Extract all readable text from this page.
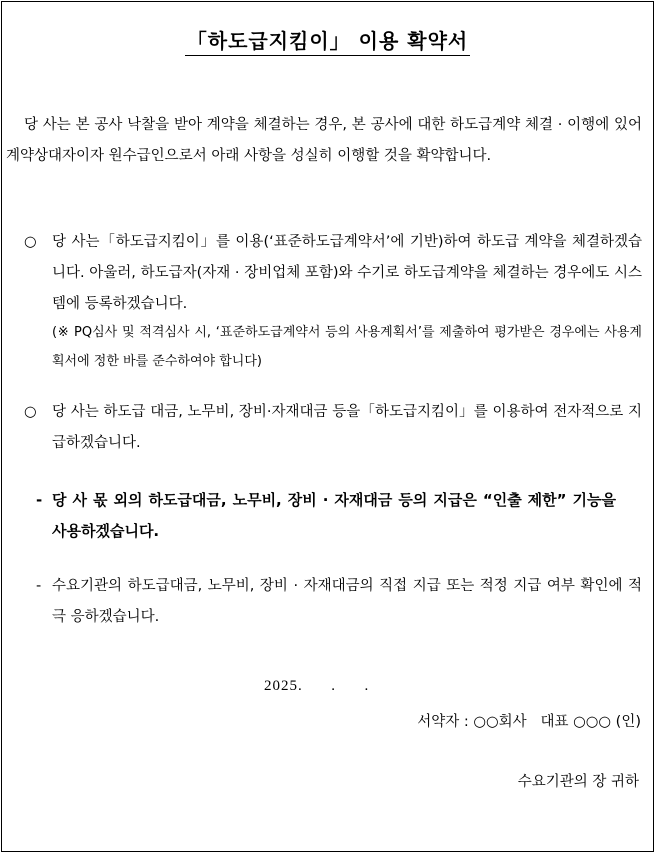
「하도급지킴이」 이용 확약서
당 사는 본 공사 낙찰을 받아 계약을 체결하는 경우, 본 공사에 대한 하도급계약 체결 · 이행에 있어 계약상대자이자 원수급인으로서 아래 사항을 성실히 이행할 것을 확약합니다.
○	당 사는「하도급지킴이」를 이용(‘표준하도급계약서’에 기반)하여 하도급 계약을 체결하겠습니다. 아울러, 하도급자(자재 · 장비업체 포함)와 수기로 하도급계약을 체결하는 경우에도 시스템에 등록하겠습니다.
(※ PQ심사 및 적격심사 시, ‘표준하도급계약서 등의 사용계획서’를 제출하여 평가받은 경우에는 사용계획서에 정한 바를 준수하여야 합니다)
○	당 사는 하도급 대금, 노무비, 장비·자재대금 등을「하도급지킴이」를 이용하여 전자적으로 지급하겠습니다.
- 당 사 몫 외의 하도급대금, 노무비, 장비 · 자재대금 등의 지급은 “인출 제한” 기능을 사용하겠습니다.
- 수요기관의 하도급대금, 노무비, 장비 · 자재대금의 직접 지급 또는 적정 지급 여부 확인에 적극 응하겠습니다.
2025.      .      .
서약자 : ○○회사   대표 ○○○ (인)
수요기관의 장 귀하
